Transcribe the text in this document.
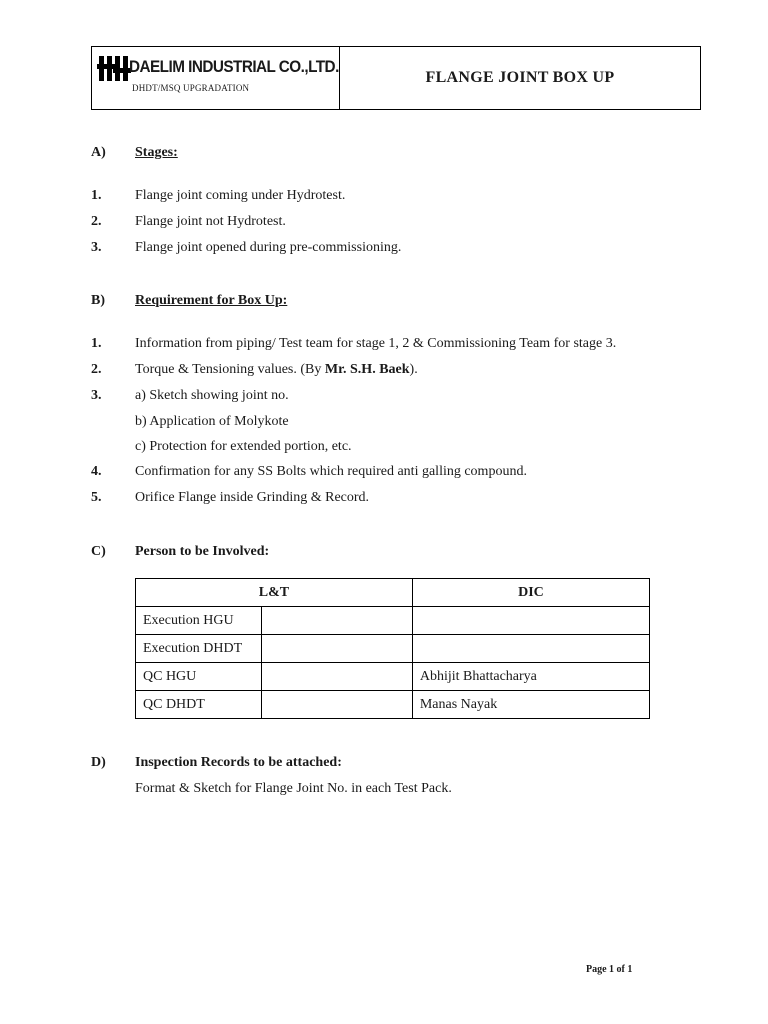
DAELIM INDUSTRIAL CO.,LTD.
DHDT/MSQ UPGRADATION
FLANGE JOINT BOX UP
A) Stages:
1. Flange joint coming under Hydrotest.
2. Flange joint not Hydrotest.
3. Flange joint opened during pre-commissioning.
B) Requirement for Box Up:
1. Information from piping/ Test team for stage 1, 2 & Commissioning Team for stage 3.
2. Torque & Tensioning values. (By Mr. S.H. Baek).
3. a) Sketch showing joint no.
b) Application of Molykote
c) Protection for extended portion, etc.
4. Confirmation for any SS Bolts which required anti galling compound.
5. Orifice Flange inside Grinding & Record.
C) Person to be Involved:
L&T		DIC
Execution HGU		
Execution DHDT		
QC HGU		Abhijit Bhattacharya
QC DHDT		Manas Nayak
D) Inspection Records to be attached:
Format & Sketch for Flange Joint No. in each Test Pack.
Page 1 of 1
